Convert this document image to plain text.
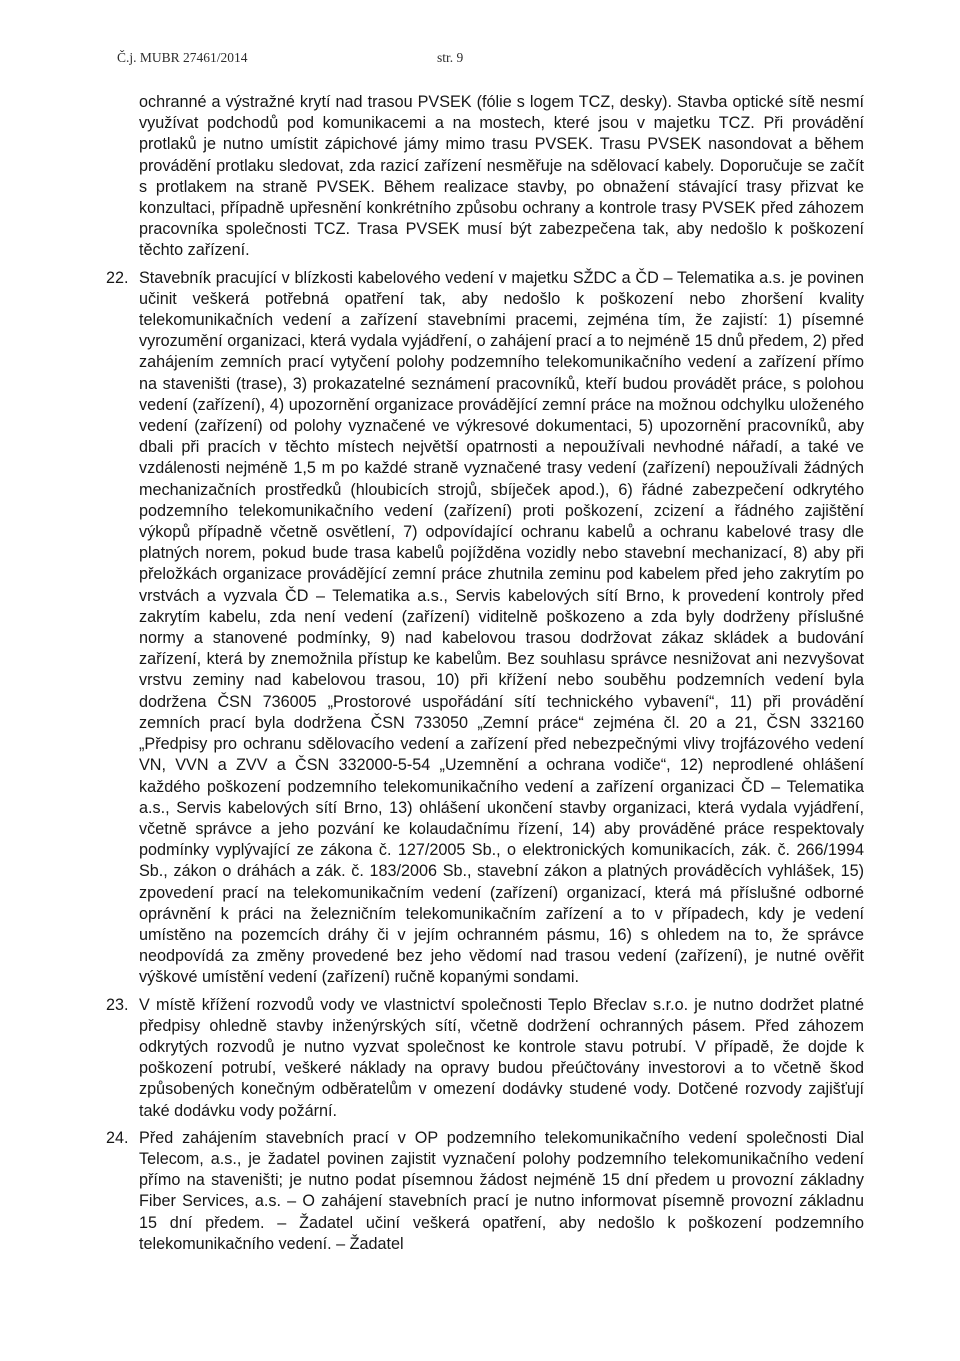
Č.j. MUBR 27461/2014	str. 9

ochranné a výstražné krytí nad trasou PVSEK (fólie s logem TCZ, desky). Stavba optické sítě nesmí využívat podchodů pod komunikacemi a na mostech, které jsou v majetku TCZ. Při provádění protlaků je nutno umístit zápichové jámy mimo trasu PVSEK. Trasu PVSEK nasondovat a během provádění protlaku sledovat, zda razicí zařízení nesměřuje na sdělovací kabely. Doporučuje se začít s protlakem na straně PVSEK. Během realizace stavby, po obnažení stávající trasy přizvat ke konzultaci, případně upřesnění konkrétního způsobu ochrany a kontrole trasy PVSEK před záhozem pracovníka společnosti TCZ. Trasa PVSEK musí být zabezpečena tak, aby nedošlo k poškození těchto zařízení.

22. Stavebník pracující v blízkosti kabelového vedení v majetku SŽDC a ČD – Telematika a.s. je povinen učinit veškerá potřebná opatření tak, aby nedošlo k poškození nebo zhoršení kvality telekomunikačních vedení a zařízení stavebními pracemi, zejména tím, že zajistí: 1) písemné vyrozumění organizaci, která vydala vyjádření, o zahájení prací a to nejméně 15 dnů předem, 2) před zahájením zemních prací vytyčení polohy podzemního telekomunikačního vedení a zařízení přímo na staveništi (trase), 3) prokazatelné seznámení pracovníků, kteří budou provádět práce, s polohou vedení (zařízení), 4) upozornění organizace provádějící zemní práce na možnou odchylku uloženého vedení (zařízení) od polohy vyznačené ve výkresové dokumentaci, 5) upozornění pracovníků, aby dbali při pracích v těchto místech největší opatrnosti a nepoužívali nevhodné nářadí, a také ve vzdálenosti nejméně 1,5 m po každé straně vyznačené trasy vedení (zařízení) nepoužívali žádných mechanizačních prostředků (hloubicích strojů, sbíječek apod.), 6) řádné zabezpečení odkrytého podzemního telekomunikačního vedení (zařízení) proti poškození, zcizení a řádného zajištění výkopů případně včetně osvětlení, 7) odpovídající ochranu kabelů a ochranu kabelové trasy dle platných norem, pokud bude trasa kabelů pojížděna vozidly nebo stavební mechanizací, 8) aby při přeložkách organizace provádějící zemní práce zhutnila zeminu pod kabelem před jeho zakrytím po vrstvách a vyzvala ČD – Telematika a.s., Servis kabelových sítí Brno, k provedení kontroly před zakrytím kabelu, zda není vedení (zařízení) viditelně poškozeno a zda byly dodrženy příslušné normy a stanovené podmínky, 9) nad kabelovou trasou dodržovat zákaz skládek a budování zařízení, která by znemožnila přístup ke kabelům. Bez souhlasu správce nesnižovat ani nezvyšovat vrstvu zeminy nad kabelovou trasou, 10) při křížení nebo souběhu podzemních vedení byla dodržena ČSN 736005 „Prostorové uspořádání sítí technického vybavení“, 11) při provádění zemních prací byla dodržena ČSN 733050 „Zemní práce“ zejména čl. 20 a 21, ČSN 332160 „Předpisy pro ochranu sdělovacího vedení a zařízení před nebezpečnými vlivy trojfázového vedení VN, VVN a ZVV a ČSN 332000-5-54 „Uzemnění a ochrana vodiče“, 12) neprodlené ohlášení každého poškození podzemního telekomunikačního vedení a zařízení organizaci ČD – Telematika a.s., Servis kabelových sítí Brno, 13) ohlášení ukončení stavby organizaci, která vydala vyjádření, včetně správce a jeho pozvání ke kolaudačnímu řízení, 14) aby prováděné práce respektovaly podmínky vyplývající ze zákona č. 127/2005 Sb., o elektronických komunikacích, zák. č. 266/1994 Sb., zákon o dráhách a zák. č. 183/2006 Sb., stavební zákon a platných prováděcích vyhlášek, 15) zpovedení prací na telekomunikačním vedení (zařízení) organizací, která má příslušné odborné oprávnění k práci na železničním telekomunikačním zařízení a to v případech, kdy je vedení umístěno na pozemcích dráhy či v jejím ochranném pásmu, 16) s ohledem na to, že správce neodpovídá za změny provedené bez jeho vědomí nad trasou vedení (zařízení), je nutné ověřit výškové umístění vedení (zařízení) ručně kopanými sondami.
23. V místě křížení rozvodů vody ve vlastnictví společnosti Teplo Břeclav s.r.o. je nutno dodržet platné předpisy ohledně stavby inženýrských sítí, včetně dodržení ochranných pásem. Před záhozem odkrytých rozvodů je nutno vyzvat společnost ke kontrole stavu potrubí. V případě, že dojde k poškození potrubí, veškeré náklady na opravy budou přeúčtovány investorovi a to včetně škod způsobených konečným odběratelům v omezení dodávky studené vody. Dotčené rozvody zajišťují také dodávku vody požární.
24. Před zahájením stavebních prací v OP podzemního telekomunikačního vedení společnosti Dial Telecom, a.s., je žadatel povinen zajistit vyznačení polohy podzemního telekomunikačního vedení přímo na staveništi; je nutno podat písemnou žádost nejméně 15 dní předem u provozní základny Fiber Services, a.s. – O zahájení stavebních prací je nutno informovat písemně provozní základnu 15 dní předem. – Žadatel učiní veškerá opatření, aby nedošlo k poškození podzemního telekomunikačního vedení. – Žadatel
